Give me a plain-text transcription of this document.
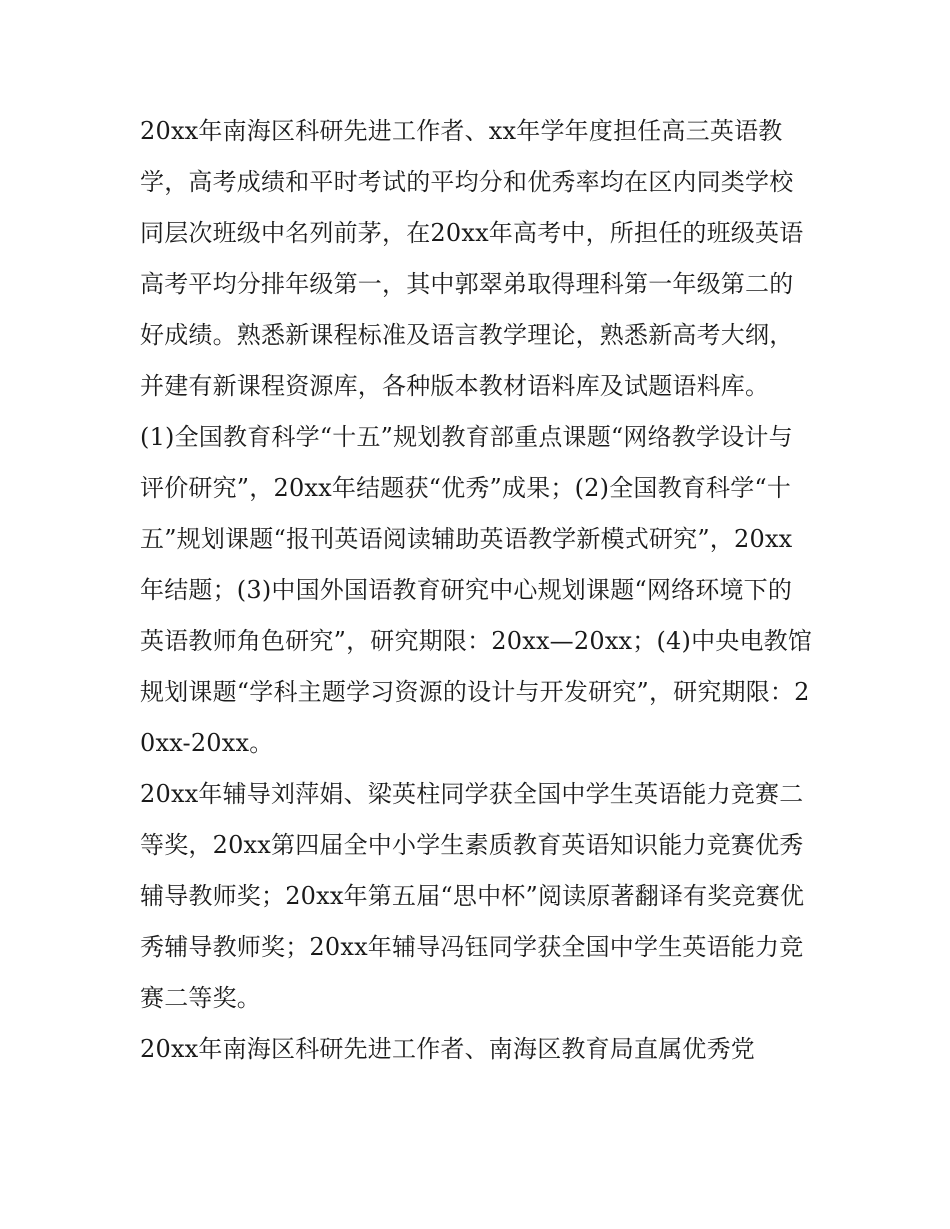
20xx年南海区科研先进工作者、xx年学年度担任高三英语教学，高考成绩和平时考试的平均分和优秀率均在区内同类学校同层次班级中名列前茅，在20xx年高考中，所担任的班级英语高考平均分排年级第一，其中郭翠弟取得理科第一年级第二的好成绩。熟悉新课程标准及语言教学理论，熟悉新高考大纲，并建有新课程资源库，各种版本教材语料库及试题语料库。

(1)全国教育科学“十五”规划教育部重点课题“网络教学设计与评价研究”，20xx年结题获“优秀”成果；(2)全国教育科学“十五”规划课题“报刊英语阅读辅助英语教学新模式研究”，20xx年结题；(3)中国外国语教育研究中心规划课题“网络环境下的英语教师角色研究”，研究期限：20xx—20xx；(4)中央电教馆规划课题“学科主题学习资源的设计与开发研究”，研究期限：20xx-20xx。

20xx年辅导刘萍娟、梁英柱同学获全国中学生英语能力竞赛二等奖，20xx第四届全中小学生素质教育英语知识能力竞赛优秀辅导教师奖；20xx年第五届“思中杯”阅读原著翻译有奖竞赛优秀辅导教师奖；20xx年辅导冯钰同学获全国中学生英语能力竞赛二等奖。

20xx年南海区科研先进工作者、南海区教育局直属优秀党
